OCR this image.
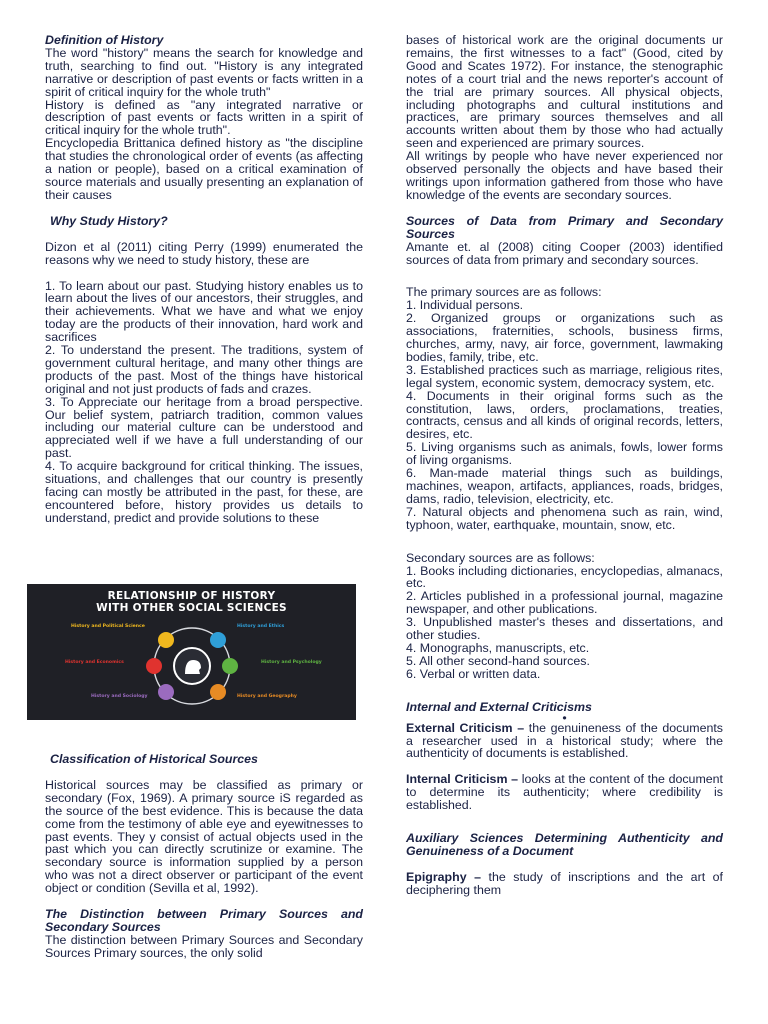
Definition of History

The word "history" means the search for knowledge and truth, searching to find out. "History is any integrated narrative or description of past events or facts written in a spirit of critical inquiry for the whole truth"

History is defined as "any integrated narrative or description of past events or facts written in a spirit of critical inquiry for the whole truth".

Encyclopedia Brittanica defined history as "the discipline that studies the chronological order of events (as affecting a nation or people), based on a critical examination of source materials and usually presenting an explanation of their causes

Why Study History?

Dizon et al (2011) citing Perry (1999) enumerated the reasons why we need to study history, these are

1. To learn about our past. Studying history enables us to learn about the lives of our ancestors, their struggles, and their achievements. What we have and what we enjoy today are the products of their innovation, hard work and sacrifices

2. To understand the present. The traditions, system of government cultural heritage, and many other things are products of the past. Most of the things have historical original and not just products of fads and crazes.

3. To Appreciate our heritage from a broad perspective. Our belief system, patriarch tradition, common values including our material culture can be understood and appreciated well if we have a full understanding of our past.

4. To acquire background for critical thinking. The issues, situations, and challenges that our country is presently facing can mostly be attributed in the past, for these, are encountered before, history provides us details to understand, predict and provide solutions to these

RELATIONSHIP OF HISTORY
WITH OTHER SOCIAL SCIENCES
History and Political Science	History and Ethics
History and Economics	History and Psychology
History and Sociology	History and Geography

Classification of Historical Sources

Historical sources may be classified as primary or secondary (Fox, 1969). A primary source iS regarded as the source of the best evidence. This is because the data come from the testimony of able eye and eyewitnesses to past events. They y consist of actual objects used in the past which you can directly scrutinize or examine. The secondary source is information supplied by a person who was not a direct observer or participant of the event object or condition (Sevilla et al, 1992).

The Distinction between Primary Sources and Secondary Sources

The distinction between Primary Sources and Secondary Sources Primary sources, the only solid

bases of historical work are the original documents ur remains, the first witnesses to a fact" (Good, cited by Good and Scates 1972). For instance, the stenographic notes of a court trial and the news reporter's account of the trial are primary sources. All physical objects, including photographs and cultural institutions and practices, are primary sources themselves and all accounts written about them by those who had actually seen and experienced are primary sources.

All writings by people who have never experienced nor observed personally the objects and have based their writings upon information gathered from those who have knowledge of the events are secondary sources.

Sources of Data from Primary and Secondary Sources

Amante et. al (2008) citing Cooper (2003) identified sources of data from primary and secondary sources.

The primary sources are as follows:

1. Individual persons.

2. Organized groups or organizations such as associations, fraternities, schools, business firms, churches, army, navy, air force, government, lawmaking bodies, family, tribe, etc.

3. Established practices such as marriage, religious rites, legal system, economic system, democracy system, etc.

4. Documents in their original forms such as the constitution, laws, orders, proclamations, treaties, contracts, census and all kinds of original records, letters, desires, etc.

5. Living organisms such as animals, fowls, lower forms of living organisms.

6. Man-made material things such as buildings, machines, weapon, artifacts, appliances, roads, bridges, dams, radio, television, electricity, etc.

7. Natural objects and phenomena such as rain, wind, typhoon, water, earthquake, mountain, snow, etc.

Secondary sources are as follows:

1. Books including dictionaries, encyclopedias, almanacs, etc.

2. Articles published in a professional journal, magazine newspaper, and other publications.

3. Unpublished master's theses and dissertations, and other studies.

4. Monographs, manuscripts, etc.

5. All other second-hand sources.

6. Verbal or written data.

Internal and External Criticisms

•

External Criticism – the genuineness of the documents a researcher used in a historical study; where the authenticity of documents is established.

Internal Criticism – looks at the content of the document to determine its authenticity; where credibility is established.

Auxiliary Sciences Determining Authenticity and Genuineness of a Document

Epigraphy – the study of inscriptions and the art of deciphering them
